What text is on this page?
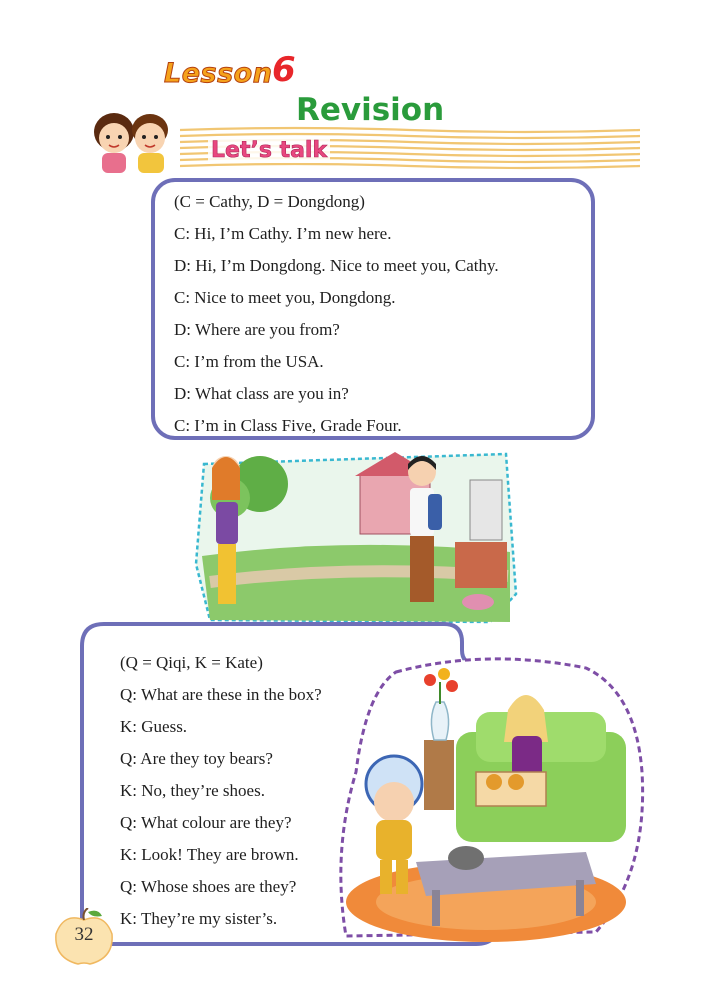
Lesson 6
Revision
Let’s talk
(C = Cathy, D = Dongdong)
C: Hi, I’m Cathy. I’m new here.
D: Hi, I’m Dongdong. Nice to meet you, Cathy.
C: Nice to meet you, Dongdong.
D: Where are you from?
C: I’m from the USA.
D: What class are you in?
C: I’m in Class Five, Grade Four.
(Q = Qiqi, K = Kate)
Q: What are these in the box?
K: Guess.
Q: Are they toy bears?
K: No, they’re shoes.
Q: What colour are they?
K: Look! They are brown.
Q: Whose shoes are they?
K: They’re my sister’s.
32
